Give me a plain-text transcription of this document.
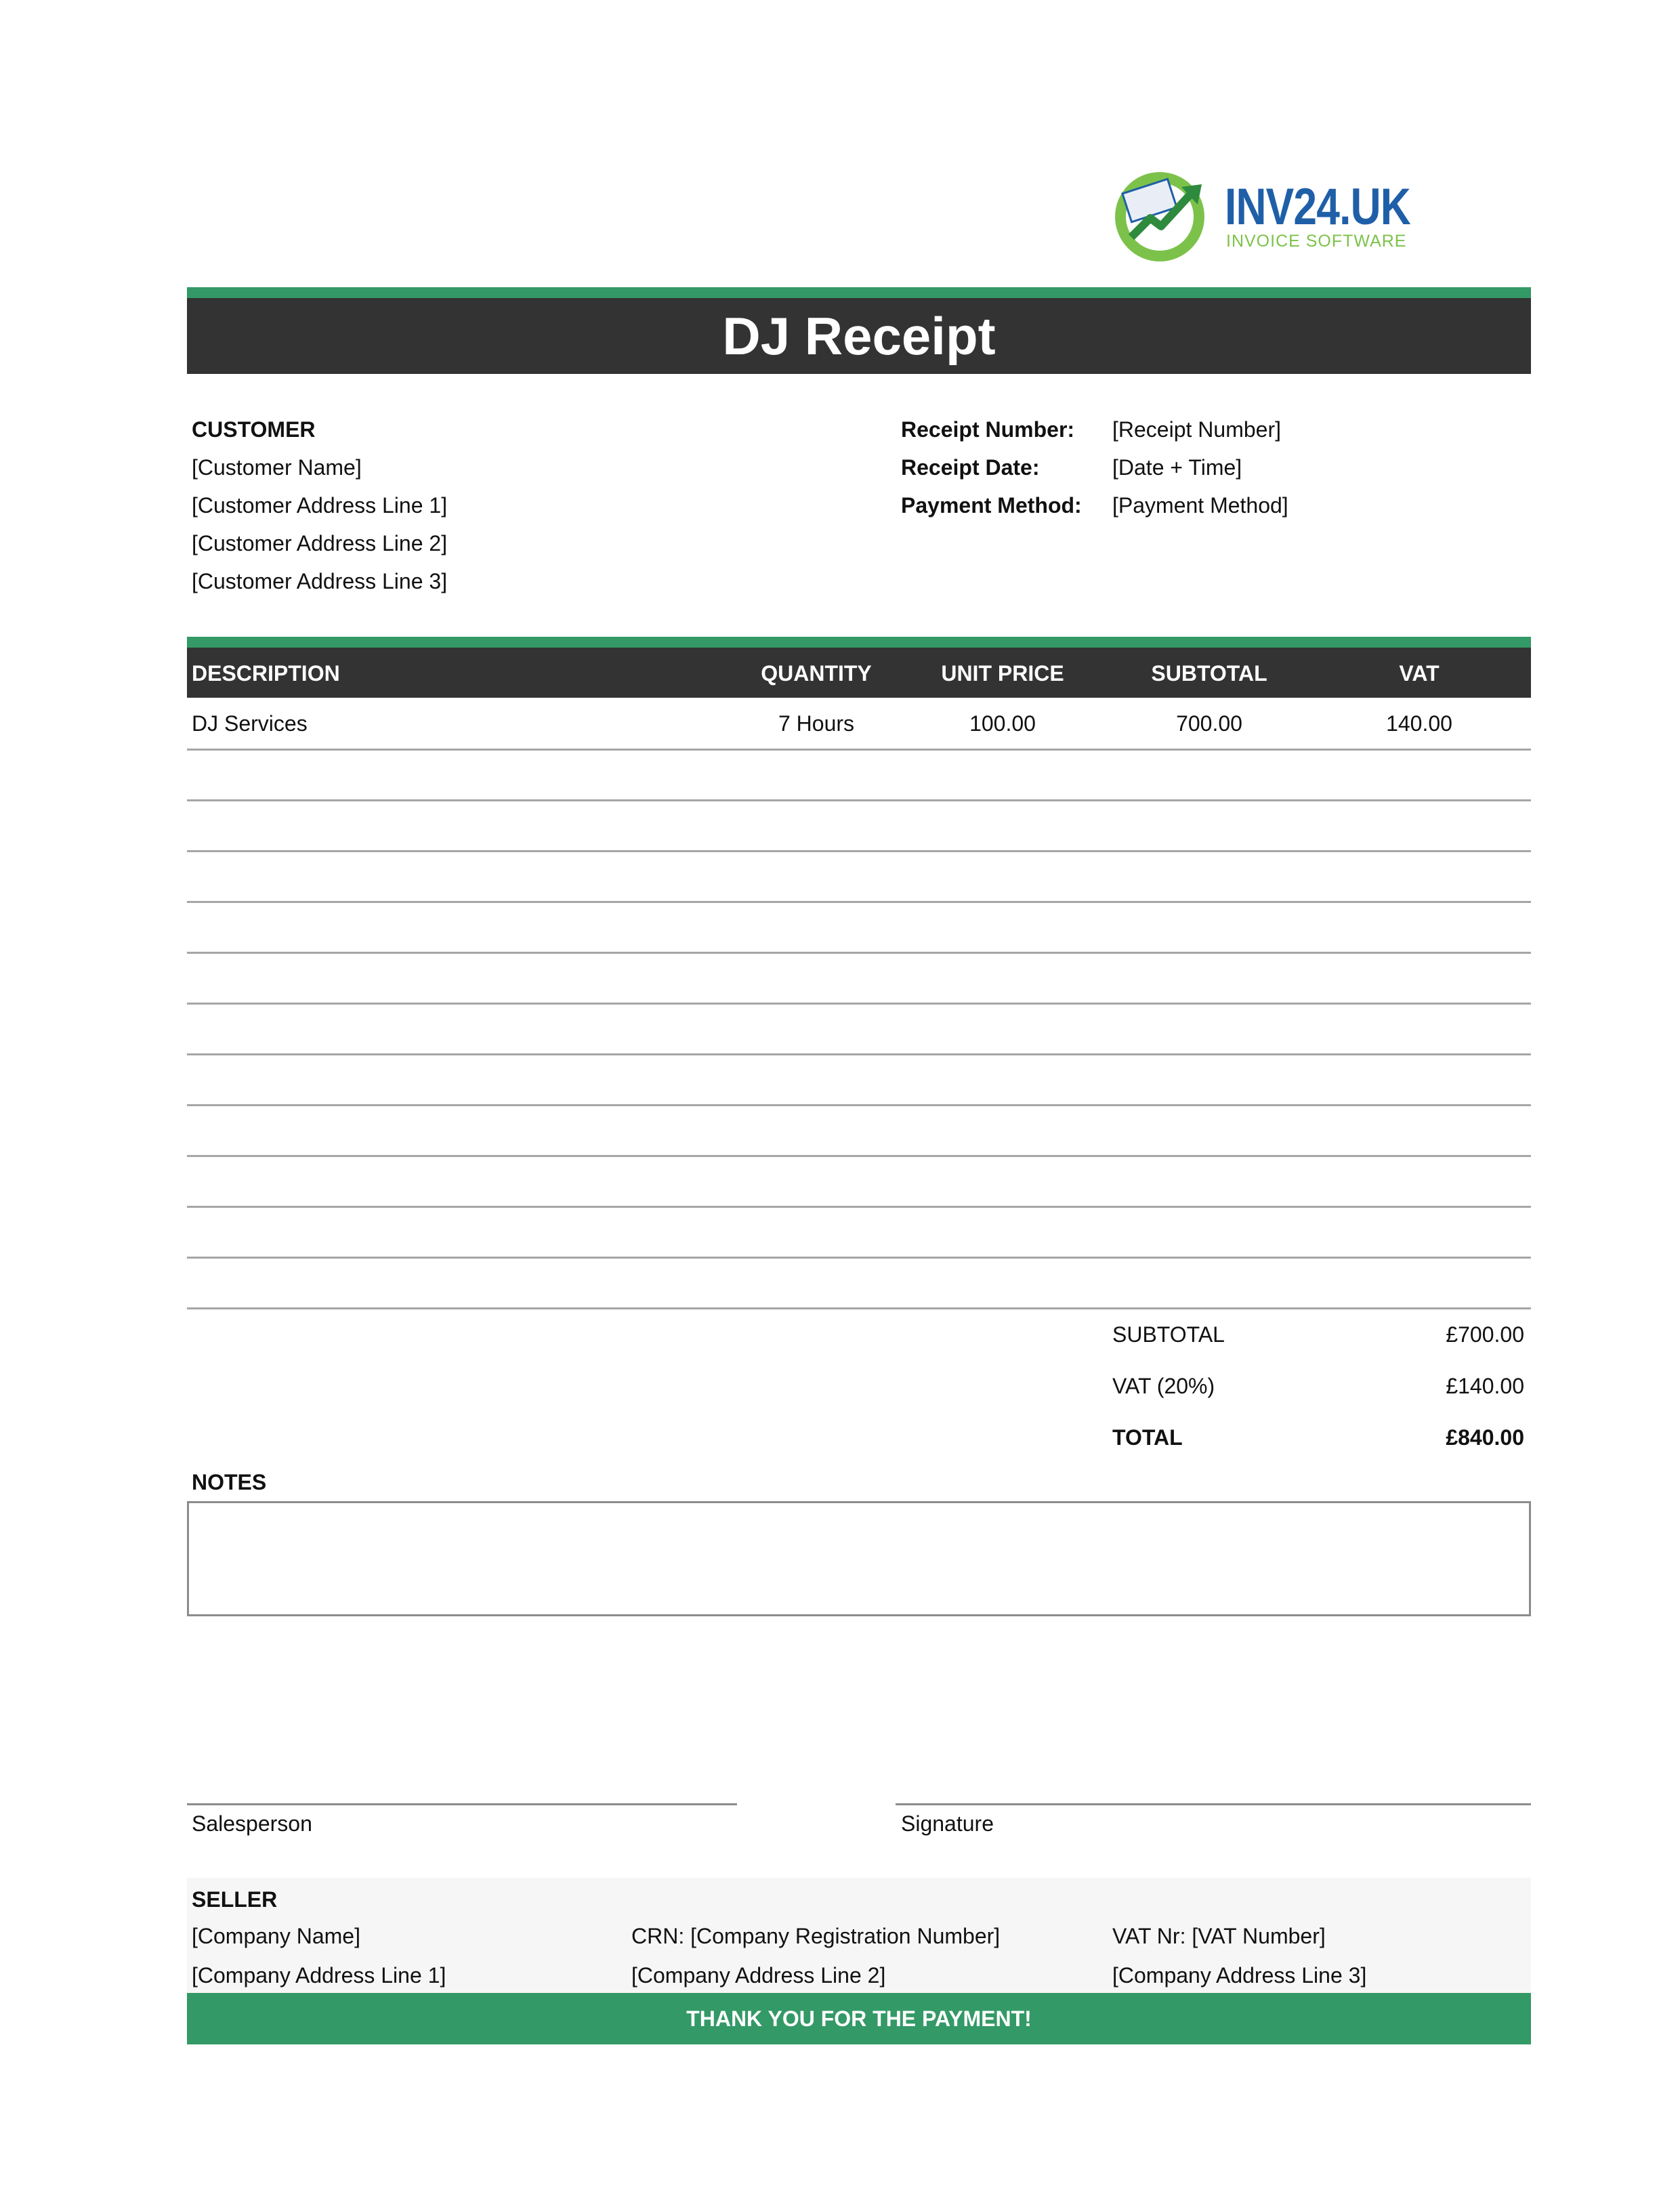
INV24.UK
INVOICE SOFTWARE
DJ Receipt
CUSTOMER
[Customer Name]
[Customer Address Line 1]
[Customer Address Line 2]
[Customer Address Line 3]
Receipt Number: [Receipt Number]
Receipt Date:	[Date + Time]
Payment Method: [Payment Method]
DESCRIPTION	QUANTITY	UNIT PRICE	SUBTOTAL	VAT
DJ Services	7 Hours	100.00	700.00	140.00
SUBTOTAL	£700.00
VAT (20%)	£140.00
TOTAL	£840.00
NOTES
Salesperson	Signature
SELLER
[Company Name]	CRN: [Company Registration Number]	VAT Nr: [VAT Number]
[Company Address Line 1]	[Company Address Line 2]	[Company Address Line 3]
THANK YOU FOR THE PAYMENT!
